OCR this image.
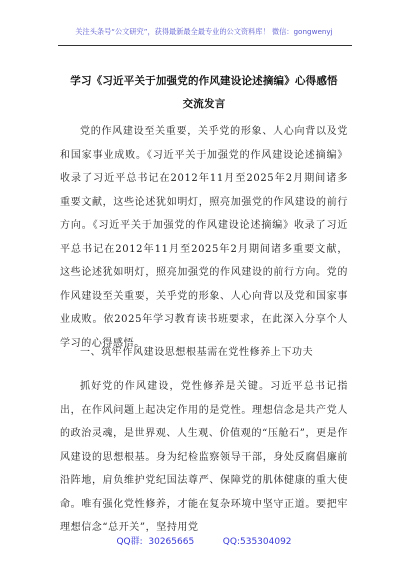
关注头条号“公文研究”，获得最新最全最专业的公文资料库！ 微信：gongwenyj
学习《习近平关于加强党的作风建设论述摘编》心得感悟
交流发言

党的作风建设至关重要，关乎党的形象、人心向背以及党和国家事业成败。《习近平关于加强党的作风建设论述摘编》收录了习近平总书记在2012年11月至2025年2月期间诸多重要文献，这些论述犹如明灯，照亮加强党的作风建设的前行方向。《习近平关于加强党的作风建设论述摘编》收录了习近平总书记在2012年11月至2025年2月期间诸多重要文献，这些论述犹如明灯，照亮加强党的作风建设的前行方向。党的作风建设至关重要，关乎党的形象、人心向背以及党和国家事业成败。依2025年学习教育读书班要求，在此深入分享个人学习的心得感悟。

一、筑牢作风建设思想根基需在党性修养上下功夫

抓好党的作风建设，党性修养是关键。习近平总书记指出，在作风问题上起决定作用的是党性。理想信念是共产党人的政治灵魂，是世界观、人生观、价值观的“压舱石”，更是作风建设的思想根基。身为纪检监察领导干部，身处反腐倡廉前沿阵地，肩负维护党纪国法尊严、保障党的肌体健康的重大使命。唯有强化党性修养，才能在复杂环境中坚守正道。要把牢理想信念“总开关”，坚持用党

QQ群:  30265665          QQ:535304092
